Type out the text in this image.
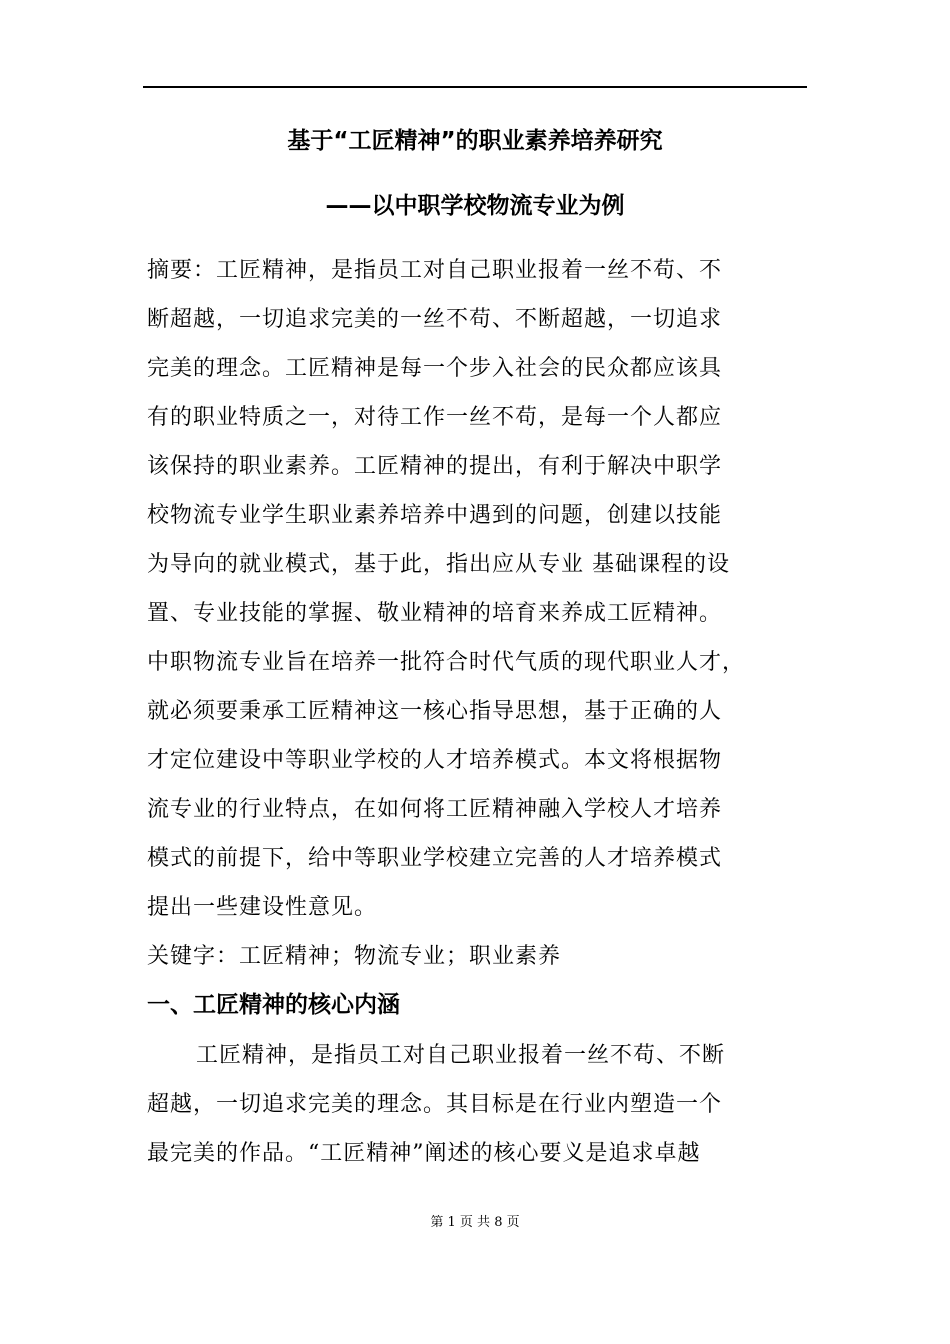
基于“工匠精神”的职业素养培养研究
——以中职学校物流专业为例
摘要：工匠精神，是指员工对自己职业报着一丝不苟、不
断超越，一切追求完美的一丝不苟、不断超越，一切追求
完美的理念。工匠精神是每一个步入社会的民众都应该具
有的职业特质之一，对待工作一丝不苟，是每一个人都应
该保持的职业素养。工匠精神的提出，有利于解决中职学
校物流专业学生职业素养培养中遇到的问题，创建以技能
为导向的就业模式，基于此，指出应从专业 基础课程的设
置、专业技能的掌握、敬业精神的培育来养成工匠精神。
中职物流专业旨在培养一批符合时代气质的现代职业人才，
就必须要秉承工匠精神这一核心指导思想，基于正确的人
才定位建设中等职业学校的人才培养模式。本文将根据物
流专业的行业特点，在如何将工匠精神融入学校人才培养
模式的前提下，给中等职业学校建立完善的人才培养模式
提出一些建设性意见。
关键字：工匠精神；物流专业；职业素养
一、工匠精神的核心内涵
工匠精神，是指员工对自己职业报着一丝不苟、不断
超越，一切追求完美的理念。其目标是在行业内塑造一个
最完美的作品。“工匠精神”阐述的核心要义是追求卓越
第 1 页 共 8 页
